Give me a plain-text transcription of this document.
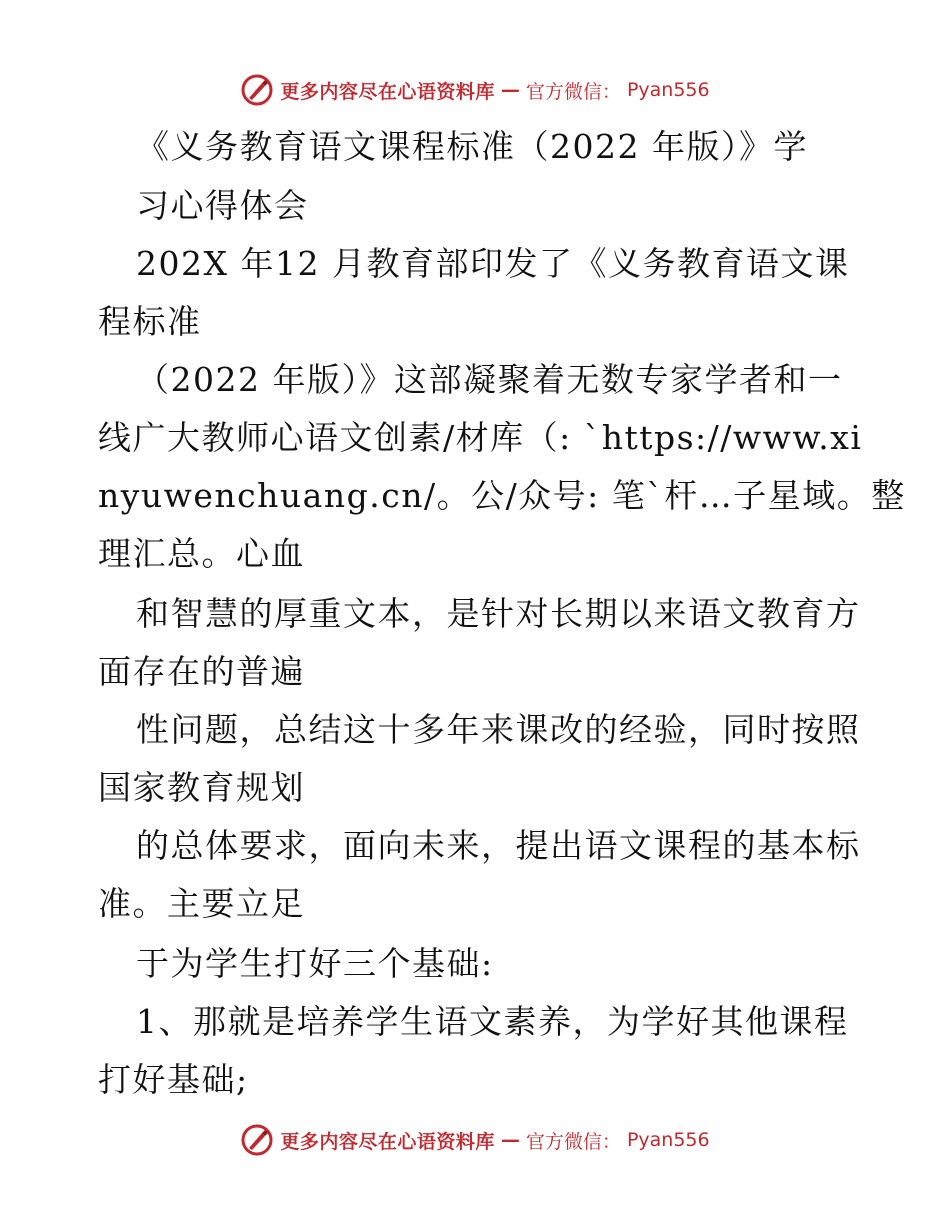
更多内容尽在心语资料库 — 官方微信： Pyan556
《义务教育语文课程标准（2022 年版）》学
习心得体会
202X 年12 月教育部印发了《义务教育语文课
程标准
（2022 年版）》这部凝聚着无数专家学者和一
线广大教师心语文创素/材库（: `https://www.xi
nyuwenchuang.cn/。公/众号: 笔`杆…子星域。整
理汇总。心血
和智慧的厚重文本，是针对长期以来语文教育方
面存在的普遍
性问题，总结这十多年来课改的经验，同时按照
国家教育规划
的总体要求，面向未来，提出语文课程的基本标
准。主要立足
于为学生打好三个基础:
1、那就是培养学生语文素养，为学好其他课程
打好基础;
更多内容尽在心语资料库 — 官方微信： Pyan556
